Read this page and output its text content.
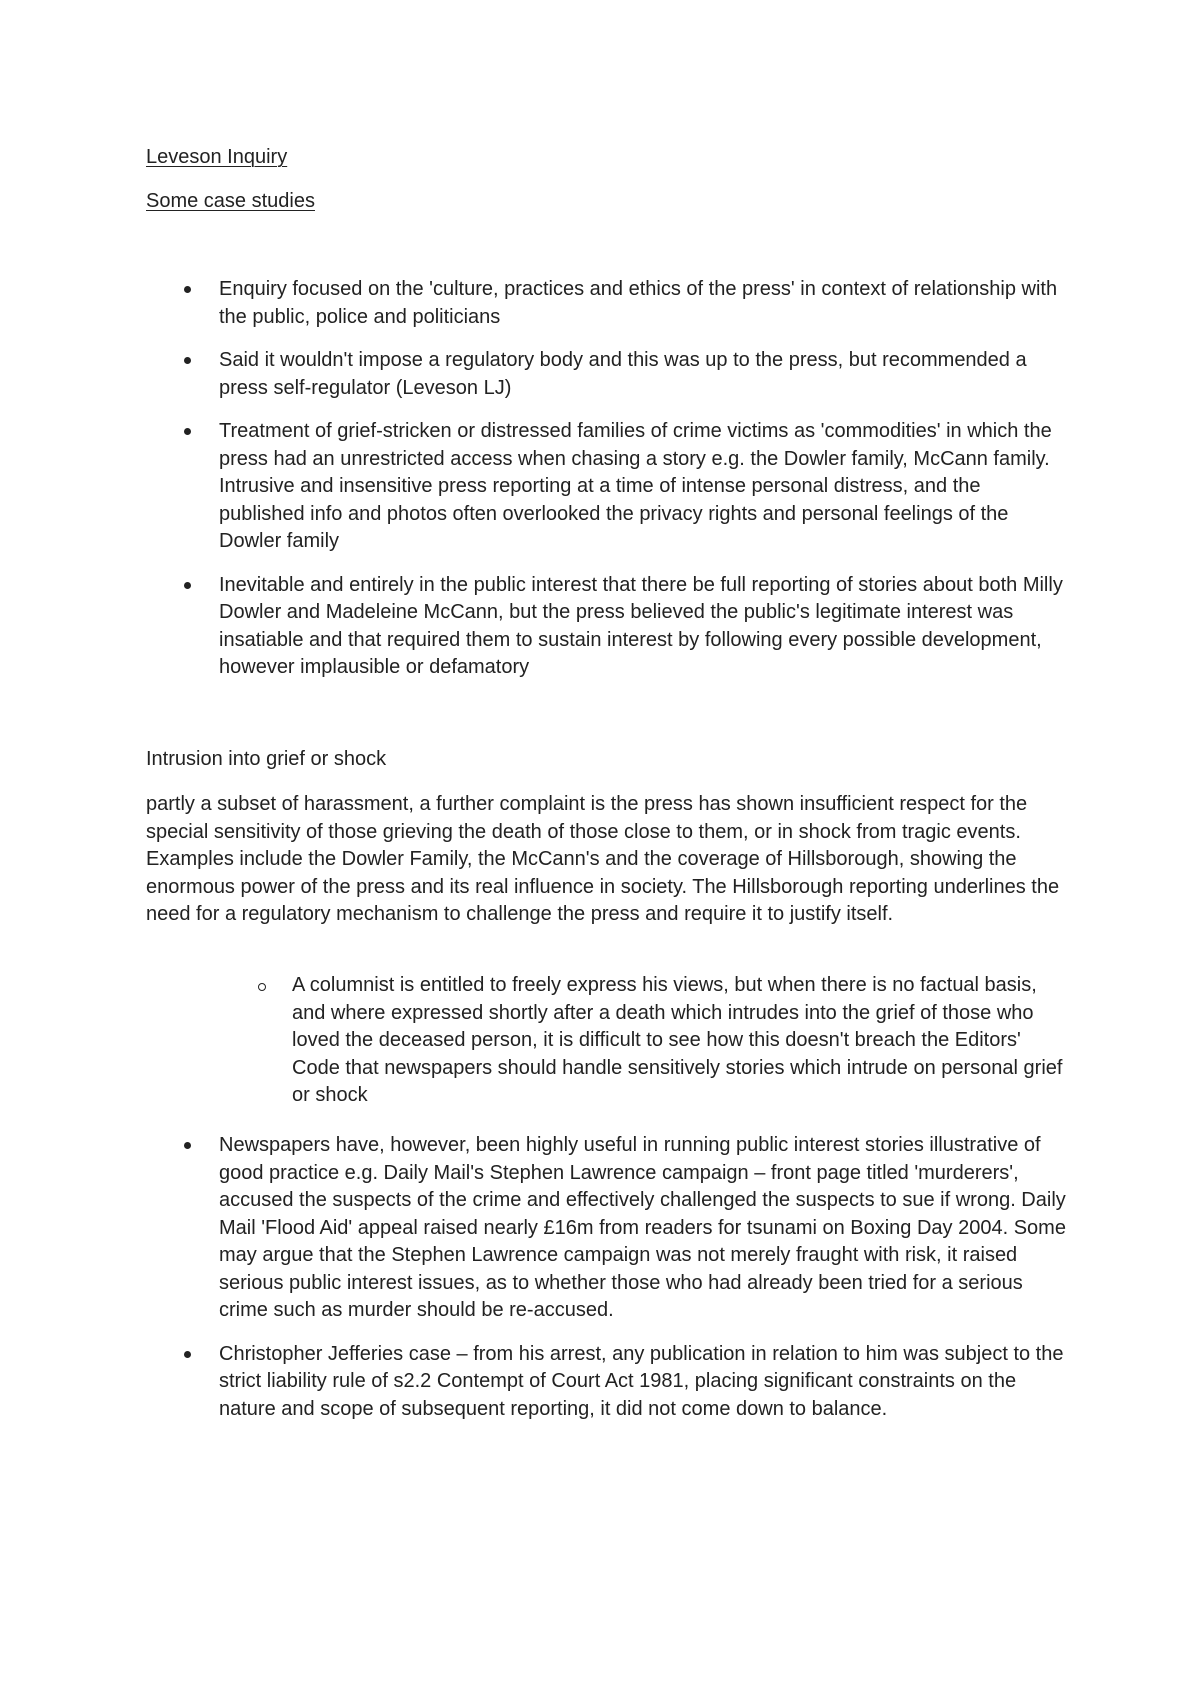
Leveson Inquiry
Some case studies
Enquiry focused on the 'culture, practices and ethics of the press' in context of relationship with the public, police and politicians
Said it wouldn't impose a regulatory body and this was up to the press, but recommended a press self-regulator (Leveson LJ)
Treatment of grief-stricken or distressed families of crime victims as 'commodities' in which the press had an unrestricted access when chasing a story e.g. the Dowler family, McCann family. Intrusive and insensitive press reporting at a time of intense personal distress, and the published info and photos often overlooked the privacy rights and personal feelings of the Dowler family
Inevitable and entirely in the public interest that there be full reporting of stories about both Milly Dowler and Madeleine McCann, but the press believed the public's legitimate interest was insatiable and that required them to sustain interest by following every possible development, however implausible or defamatory
Intrusion into grief or shock

partly a subset of harassment, a further complaint is the press has shown insufficient respect for the special sensitivity of those grieving the death of those close to them, or in shock from tragic events. Examples include the Dowler Family, the McCann's and the coverage of Hillsborough, showing the enormous power of the press and its real influence in society. The Hillsborough reporting underlines the need for a regulatory mechanism to challenge the press and require it to justify itself.

A columnist is entitled to freely express his views, but when there is no factual basis, and where expressed shortly after a death which intrudes into the grief of those who loved the deceased person, it is difficult to see how this doesn't breach the Editors' Code that newspapers should handle sensitively stories which intrude on personal grief or shock
Newspapers have, however, been highly useful in running public interest stories illustrative of good practice e.g. Daily Mail's Stephen Lawrence campaign – front page titled 'murderers', accused the suspects of the crime and effectively challenged the suspects to sue if wrong. Daily Mail 'Flood Aid' appeal raised nearly £16m from readers for tsunami on Boxing Day 2004. Some may argue that the Stephen Lawrence campaign was not merely fraught with risk, it raised serious public interest issues, as to whether those who had already been tried for a serious crime such as murder should be re-accused.
Christopher Jefferies case – from his arrest, any publication in relation to him was subject to the strict liability rule of s2.2 Contempt of Court Act 1981, placing significant constraints on the nature and scope of subsequent reporting, it did not come down to balance.
